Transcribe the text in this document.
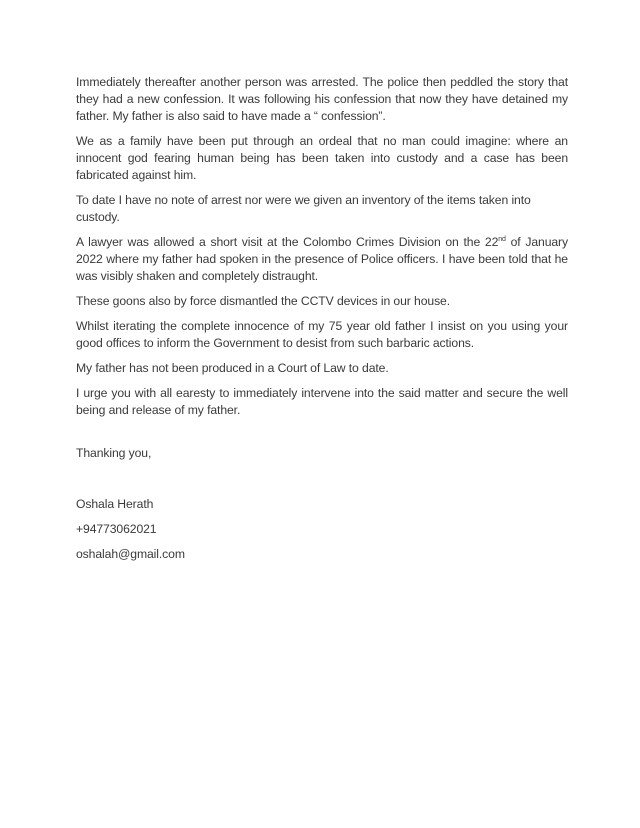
Immediately thereafter another person was arrested. The police then peddled the story that they had a new confession. It was following his confession that now they have detained my father. My father is also said to have made a “ confession”.

We as a family have been put through an ordeal that no man could imagine: where an innocent god fearing human being has been taken into custody and a case has been fabricated against him.

To date I have no note of arrest nor were we given an inventory of the items taken into custody.

A lawyer was allowed a short visit at the Colombo Crimes Division on the 22nd of January 2022 where my father had spoken in the presence of Police officers. I have been told that he was visibly shaken and completely distraught.

These goons also by force dismantled the CCTV devices in our house.

Whilst iterating the complete innocence of my 75 year old father I insist on you using your good offices to inform the Government to desist from such barbaric actions.

My father has not been produced in a Court of Law to date.

I urge you with all earesty to immediately intervene into the said matter and secure the well being and release of my father.

Thanking you,

Oshala Herath

+94773062021

oshalah@gmail.com
